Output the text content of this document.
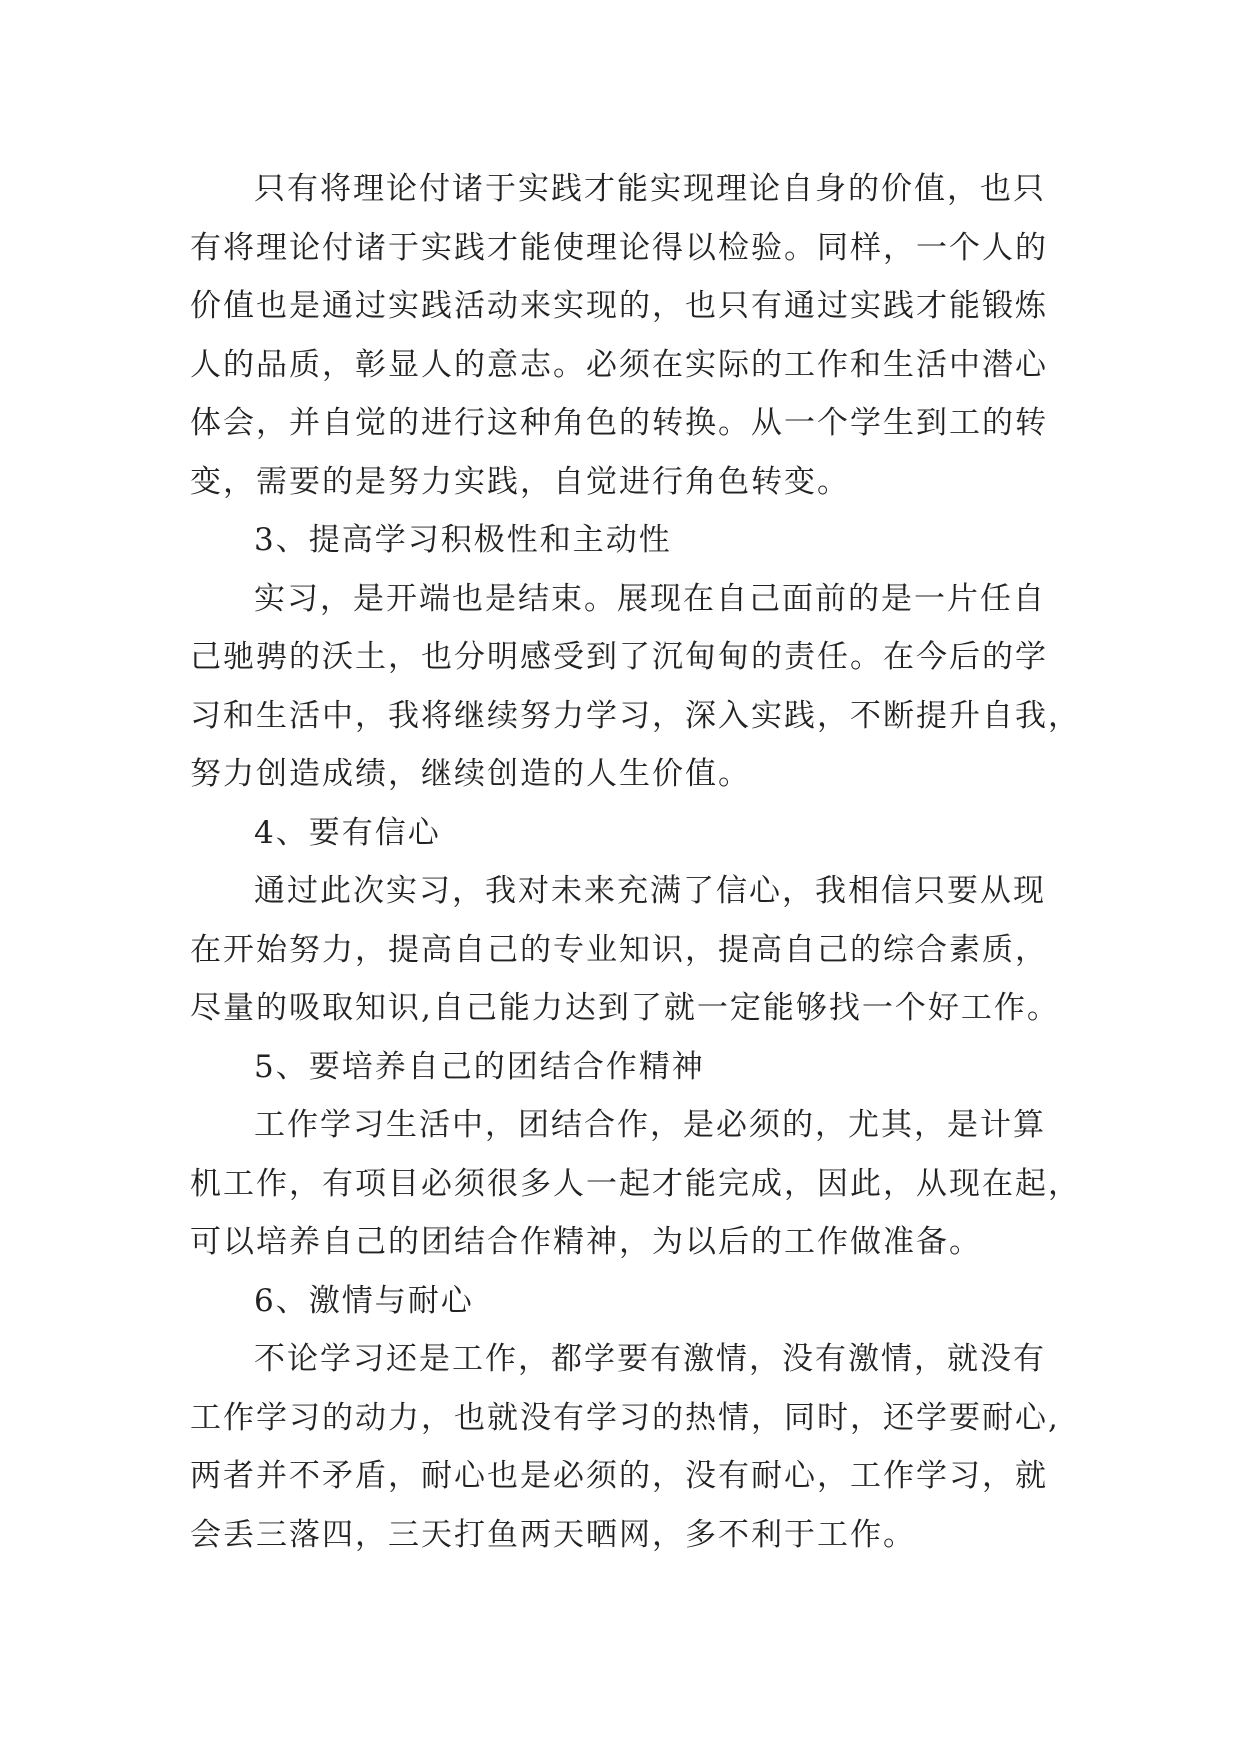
只有将理论付诸于实践才能实现理论自身的价值，也只
有将理论付诸于实践才能使理论得以检验。同样，一个人的
价值也是通过实践活动来实现的，也只有通过实践才能锻炼
人的品质，彰显人的意志。必须在实际的工作和生活中潜心
体会，并自觉的进行这种角色的转换。从一个学生到工的转
变，需要的是努力实践，自觉进行角色转变。

3、提高学习积极性和主动性

实习，是开端也是结束。展现在自己面前的是一片任自
己驰骋的沃土，也分明感受到了沉甸甸的责任。在今后的学
习和生活中，我将继续努力学习，深入实践，不断提升自我，
努力创造成绩，继续创造的人生价值。

4、要有信心

通过此次实习，我对未来充满了信心，我相信只要从现
在开始努力，提高自己的专业知识，提高自己的综合素质，
尽量的吸取知识,自己能力达到了就一定能够找一个好工作。

5、要培养自己的团结合作精神

工作学习生活中，团结合作，是必须的，尤其，是计算
机工作，有项目必须很多人一起才能完成，因此，从现在起，
可以培养自己的团结合作精神，为以后的工作做准备。

6、激情与耐心

不论学习还是工作，都学要有激情，没有激情，就没有
工作学习的动力，也就没有学习的热情，同时，还学要耐心,
两者并不矛盾，耐心也是必须的，没有耐心，工作学习，就
会丢三落四，三天打鱼两天晒网，多不利于工作。
